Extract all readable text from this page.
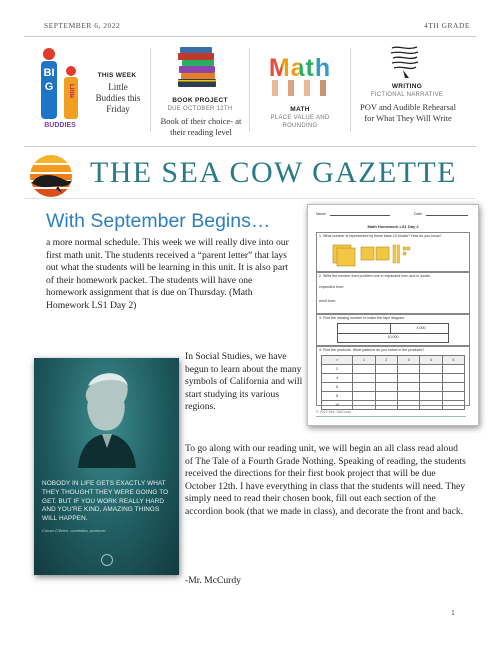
SEPTEMBER 6, 2022	4TH GRADE
BIG	Little
BUDDIES
THIS WEEK
Little Buddies this Friday
BOOK PROJECT
DUE OCTOBER 12TH
Book of their choice- at their reading level
Math
MATH
PLACE VALUE AND ROUNDING
WRITING
FICTIONAL NARRATIVE
POV and Audible Rehearsal for What They Will Write
THE SEA COW GAZETTE
With September Begins…
a more normal schedule. This week we will really dive into our first math unit. The students received a “parent letter” that lays out what the students will be learning in this unit. It is also part of their homework packet. The students will have one homework assignment that is due on Thursday. (Math Homework LS1 Day 2)
Name:	Date:
Math Homework LS1 Day 2
1. What number is represented by these base-10 blocks? How do you know?
2. Write the number from problem one in expanded form and in words.
expanded form:
word form:
3. Find the missing number to make the tape diagram.
4,000
10,000
4. Find the products. What patterns do you notice in the products?
×	1	2	3	4	5
2					
4					
6					
8					
10					
© 2022 Mrs. McCurdy
NOBODY IN LIFE GETS EXACTLY WHAT THEY THOUGHT THEY WERE GOING TO GET. BUT IF YOU WORK REALLY HARD AND YOU'RE KIND, AMAZING THINGS WILL HAPPEN.
Conan O'Brien, comedian, producer
In Social Studies, we have begun to learn about the many symbols of California and will start studying its various regions.
To go along with our reading unit, we will begin an all class read aloud of The Tale of a Fourth Grade Nothing. Speaking of reading, the students received the directions for their first book project that will be due October 12th. I have everything in class that the students will need. They simply need to read their chosen book, fill out each section of the accordion book (that we made in class), and decorate the front and back.
-Mr. McCurdy
1
